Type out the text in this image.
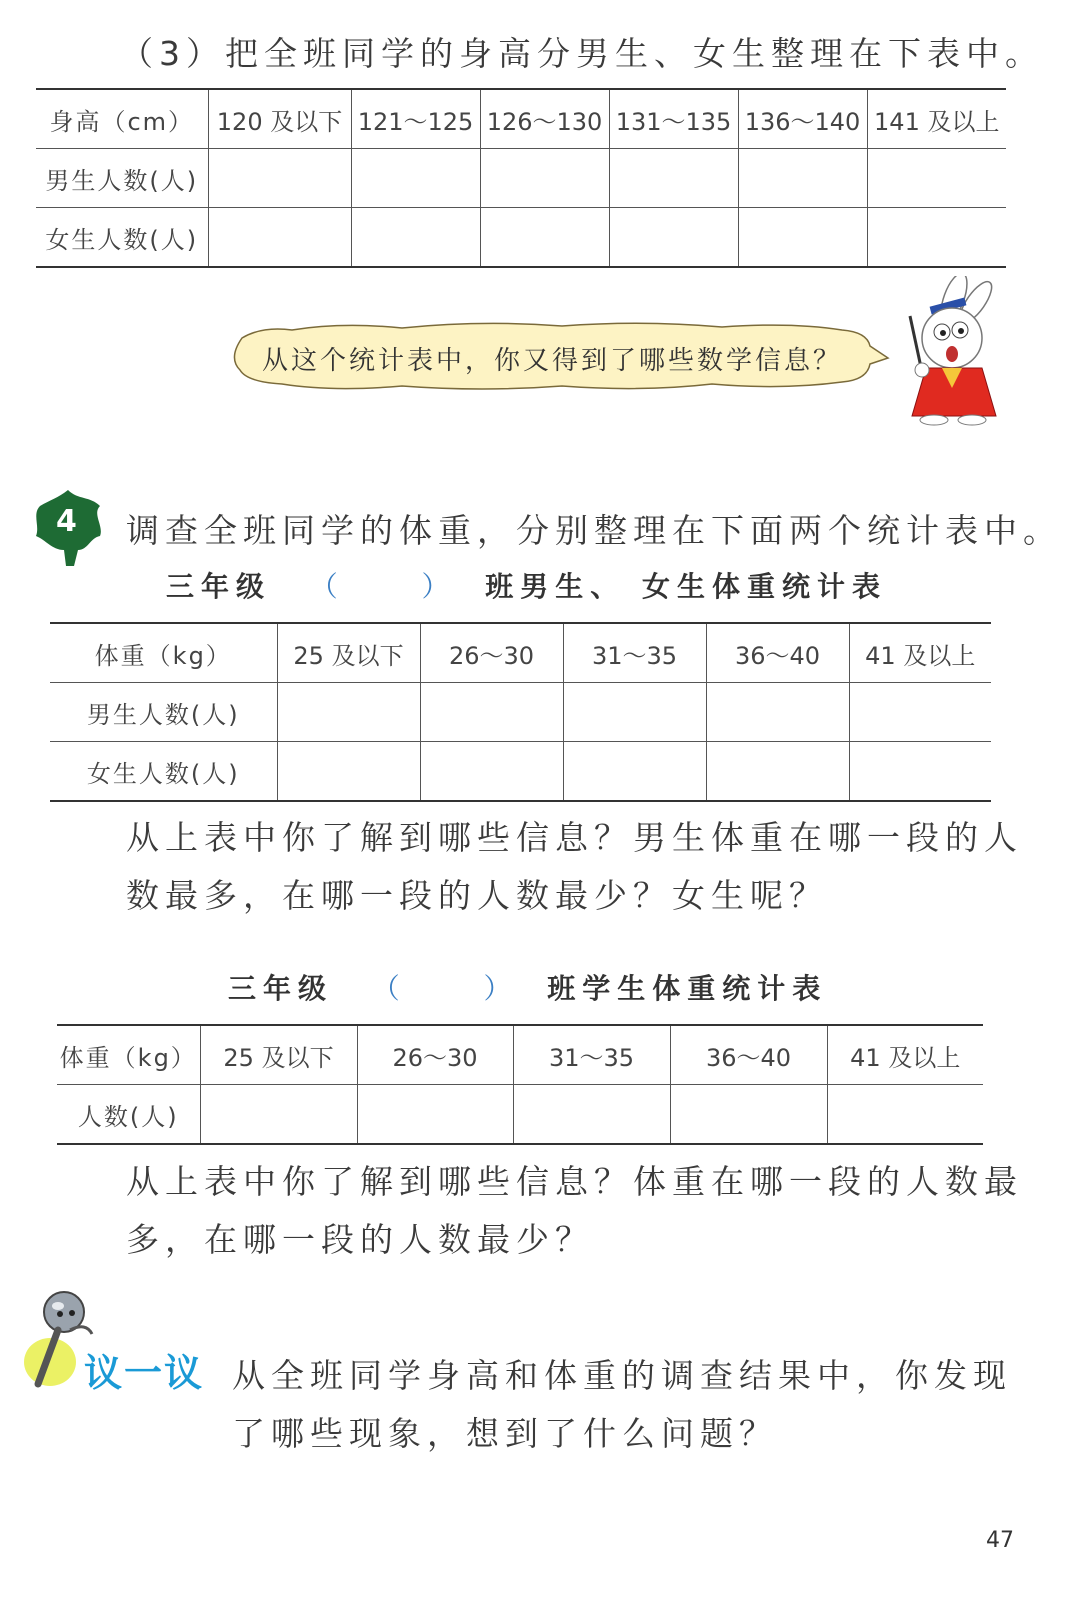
（3）把全班同学的身高分男生、女生整理在下表中。
身高（cm）	120 及以下	121～125	126～130	131～135	136～140	141 及以上
男生人数(人)						
女生人数(人)						
从这个统计表中，你又得到了哪些数学信息？
4 调查全班同学的体重，分别整理在下面两个统计表中。
三年级 （	） 班男生、 女生体重统计表
体重（kg）	25 及以下	26～30	31～35	36～40	41 及以上
男生人数(人)					
女生人数(人)					
从上表中你了解到哪些信息？男生体重在哪一段的人
数最多，在哪一段的人数最少？女生呢？
三年级 （	） 班学生体重统计表
体重（kg）	25 及以下	26～30	31～35	36～40	41 及以上
人数(人)					
从上表中你了解到哪些信息？体重在哪一段的人数最
多，在哪一段的人数最少？
议一议 从全班同学身高和体重的调查结果中，你发现
了哪些现象，想到了什么问题？
47
